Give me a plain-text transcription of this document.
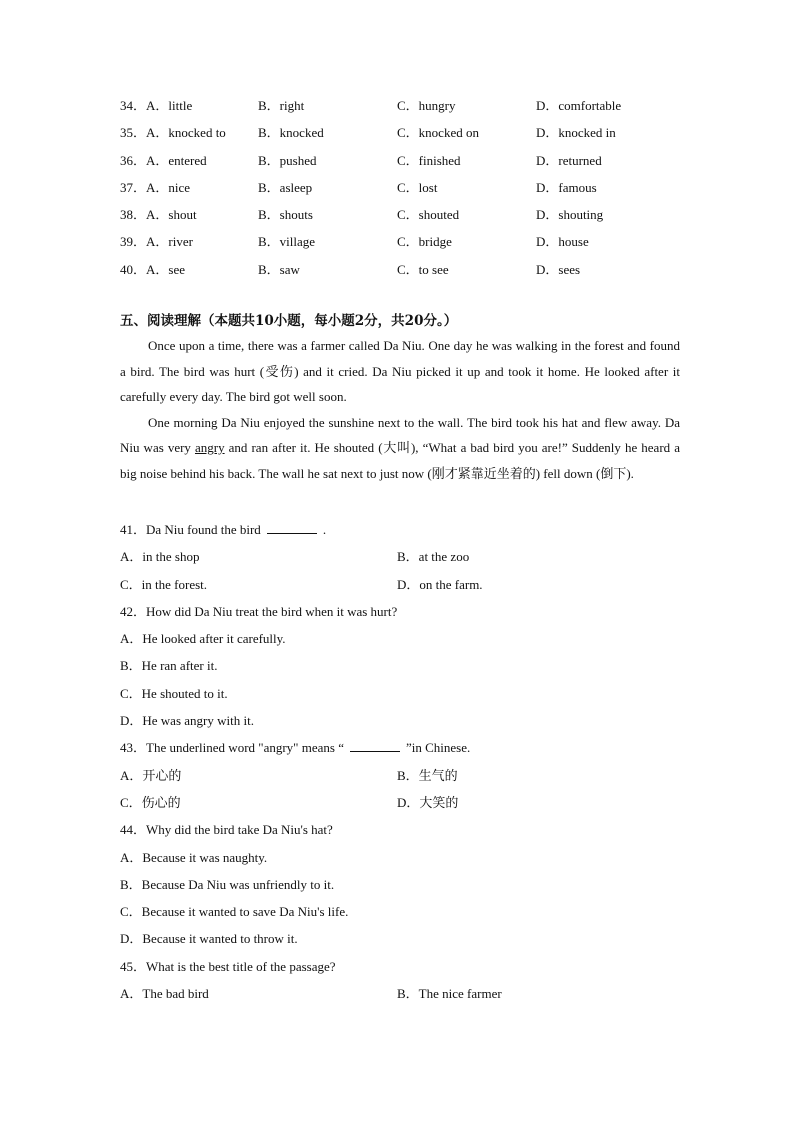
34．A．little	B．right	C．hungry	D．comfortable
35．A．knocked to B．knocked	C．knocked on	D．knocked in
36．A．entered	B．pushed	C．finished	D．returned
37．A．nice	B．asleep	C．lost	D．famous
38．A．shout	B．shouts	C．shouted	D．shouting
39．A．river	B．village	C．bridge	D．house
40．A．see	B．saw	C．to see	D．sees
五、阅读理解（本题共10小题，每小题2分，共20分。）

Once upon a time, there was a farmer called Da Niu. One day he was walking in the forest and found a bird. The bird was hurt (受伤) and it cried. Da Niu picked it up and took it home. He looked after it carefully every day. The bird got well soon.

One morning Da Niu enjoyed the sunshine next to the wall. The bird took his hat and flew away. Da Niu was very angry and ran after it. He shouted (大叫), “What a bad bird you are!” Suddenly he heard a big noise behind his back. The wall he sat next to just now (刚才紧靠近坐着的) fell down (倒下).

41．Da Niu found the bird	.
A．in the shop	B．at the zoo
C．in the forest.	D．on the farm.
42．How did Da Niu treat the bird when it was hurt?
A．He looked after it carefully.
B．He ran after it.
C．He shouted to it.
D．He was angry with it.
43．The underlined word "angry" means “	”in Chinese.
A．开心的	B．生气的
C．伤心的	D．大笑的
44．Why did the bird take Da Niu's hat?
A．Because it was naughty.
B．Because Da Niu was unfriendly to it.
C．Because it wanted to save Da Niu's life.
D．Because it wanted to throw it.
45．What is the best title of the passage?
A．The bad bird	B．The nice farmer
